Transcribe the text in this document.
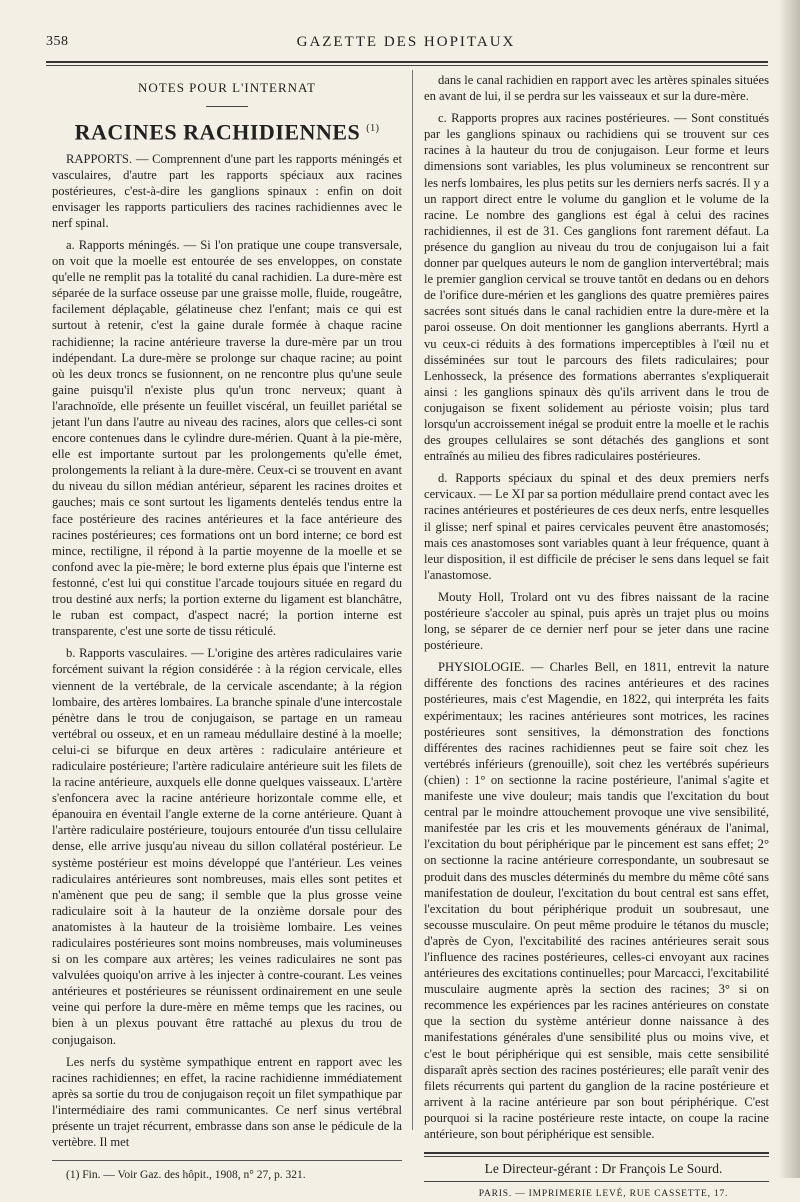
358	GAZETTE DES HOPITAUX
NOTES POUR L'INTERNAT
RACINES RACHIDIENNES $^{(1)}$

RAPPORTS. — Comprennent d'une part les rapports méningés et vasculaires, d'autre part les rapports spéciaux aux racines postérieures, c'est-à-dire les ganglions spinaux : enfin on doit envisager les rapports particuliers des racines rachidiennes avec le nerf spinal.

a. Rapports méningés. — Si l'on pratique une coupe transversale, on voit que la moelle est entourée de ses enveloppes, on constate qu'elle ne remplit pas la totalité du canal rachidien. La dure-mère est séparée de la surface osseuse par une graisse molle, fluide, rougeâtre, facilement déplaçable, gélatineuse chez l'enfant; mais ce qui est surtout à retenir, c'est la gaine durale formée à chaque racine rachidienne; la racine antérieure traverse la dure-mère par un trou indépendant. La dure-mère se prolonge sur chaque racine; au point où les deux troncs se fusionnent, on ne rencontre plus qu'une seule gaine puisqu'il n'existe plus qu'un tronc nerveux; quant à l'arachnoïde, elle présente un feuillet viscéral, un feuillet pariétal se jetant l'un dans l'autre au niveau des racines, alors que celles-ci sont encore contenues dans le cylindre dure-mérien. Quant à la pie-mère, elle est importante surtout par les prolongements qu'elle émet, prolongements la reliant à la dure-mère. Ceux-ci se trouvent en avant du niveau du sillon médian antérieur, séparent les racines droites et gauches; mais ce sont surtout les ligaments dentelés tendus entre la face postérieure des racines antérieures et la face antérieure des racines postérieures; ces formations ont un bord interne; ce bord est mince, rectiligne, il répond à la partie moyenne de la moelle et se confond avec la pie-mère; le bord externe plus épais que l'interne est festonné, c'est lui qui constitue l'arcade toujours située en regard du trou destiné aux nerfs; la portion externe du ligament est blanchâtre, le ruban est compact, d'aspect nacré; la portion interne est transparente, c'est une sorte de tissu réticulé.

b. Rapports vasculaires. — L'origine des artères radiculaires varie forcément suivant la région considérée : à la région cervicale, elles viennent de la vertébrale, de la cervicale ascendante; à la région lombaire, des artères lombaires. La branche spinale d'une intercostale pénètre dans le trou de conjugaison, se partage en un rameau vertébral ou osseux, et en un rameau médullaire destiné à la moelle; celui-ci se bifurque en deux artères : radiculaire antérieure et radiculaire postérieure; l'artère radiculaire antérieure suit les filets de la racine antérieure, auxquels elle donne quelques vaisseaux. L'artère s'enfoncera avec la racine antérieure horizontale comme elle, et épanouira en éventail l'angle externe de la corne antérieure. Quant à l'artère radiculaire postérieure, toujours entourée d'un tissu cellulaire dense, elle arrive jusqu'au niveau du sillon collatéral postérieur. Le système postérieur est moins développé que l'antérieur. Les veines radiculaires antérieures sont nombreuses, mais elles sont petites et n'amènent que peu de sang; il semble que la plus grosse veine radiculaire soit à la hauteur de la onzième dorsale pour des anatomistes à la hauteur de la troisième lombaire. Les veines radiculaires postérieures sont moins nombreuses, mais volumineuses si on les compare aux artères; les veines radiculaires ne sont pas valvulées quoiqu'on arrive à les injecter à contre-courant. Les veines antérieures et postérieures se réunissent ordinairement en une seule veine qui perfore la dure-mère en même temps que les racines, ou bien à un plexus pouvant être rattaché au plexus du trou de conjugaison.

Les nerfs du système sympathique entrent en rapport avec les racines rachidiennes; en effet, la racine rachidienne immédiatement après sa sortie du trou de conjugaison reçoit un filet sympathique par l'intermédiaire des rami communicantes. Ce nerf sinus vertébral présente un trajet récurrent, embrasse dans son anse le pédicule de la vertèbre. Il met

(1) Fin. — Voir Gaz. des hôpit., 1908, n° 27, p. 321.

dans le canal rachidien en rapport avec les artères spinales situées en avant de lui, il se perdra sur les vaisseaux et sur la dure-mère.

c. Rapports propres aux racines postérieures. — Sont constitués par les ganglions spinaux ou rachidiens qui se trouvent sur ces racines à la hauteur du trou de conjugaison. Leur forme et leurs dimensions sont variables, les plus volumineux se rencontrent sur les nerfs lombaires, les plus petits sur les derniers nerfs sacrés. Il y a un rapport direct entre le volume du ganglion et le volume de la racine. Le nombre des ganglions est égal à celui des racines rachidiennes, il est de 31. Ces ganglions font rarement défaut. La présence du ganglion au niveau du trou de conjugaison lui a fait donner par quelques auteurs le nom de ganglion intervertébral; mais le premier ganglion cervical se trouve tantôt en dedans ou en dehors de l'orifice dure-mérien et les ganglions des quatre premières paires sacrées sont situés dans le canal rachidien entre la dure-mère et la paroi osseuse. On doit mentionner les ganglions aberrants. Hyrtl a vu ceux-ci réduits à des formations imperceptibles à l'œil nu et disséminées sur tout le parcours des filets radiculaires; pour Lenhosseck, la présence des formations aberrantes s'expliquerait ainsi : les ganglions spinaux dès qu'ils arrivent dans le trou de conjugaison se fixent solidement au périoste voisin; plus tard lorsqu'un accroissement inégal se produit entre la moelle et le rachis des groupes cellulaires se sont détachés des ganglions et sont entraînés au milieu des fibres radiculaires postérieures.

d. Rapports spéciaux du spinal et des deux premiers nerfs cervicaux. — Le XI par sa portion médullaire prend contact avec les racines antérieures et postérieures de ces deux nerfs, entre lesquelles il glisse; nerf spinal et paires cervicales peuvent être anastomosés; mais ces anastomoses sont variables quant à leur fréquence, quant à leur disposition, il est difficile de préciser le sens dans lequel se fait l'anastomose.

Mouty Holl, Trolard ont vu des fibres naissant de la racine postérieure s'accoler au spinal, puis après un trajet plus ou moins long, se séparer de ce dernier nerf pour se jeter dans une racine postérieure.

PHYSIOLOGIE. — Charles Bell, en 1811, entrevit la nature différente des fonctions des racines antérieures et des racines postérieures, mais c'est Magendie, en 1822, qui interpréta les faits expérimentaux; les racines antérieures sont motrices, les racines postérieures sont sensitives, la démonstration des fonctions différentes des racines rachidiennes peut se faire soit chez les vertébrés inférieurs (grenouille), soit chez les vertébrés supérieurs (chien) : 1° on sectionne la racine postérieure, l'animal s'agite et manifeste une vive douleur; mais tandis que l'excitation du bout central par le moindre attouchement provoque une vive sensibilité, manifestée par les cris et les mouvements généraux de l'animal, l'excitation du bout périphérique par le pincement est sans effet; 2° on sectionne la racine antérieure correspondante, un soubresaut se produit dans des muscles déterminés du membre du même côté sans manifestation de douleur, l'excitation du bout central est sans effet, l'excitation du bout périphérique produit un soubresaut, une secousse musculaire. On peut même produire le tétanos du muscle; d'après de Cyon, l'excitabilité des racines antérieures serait sous l'influence des racines postérieures, celles-ci envoyant aux racines antérieures des excitations continuelles; pour Marcacci, l'excitabilité musculaire augmente après la section des racines; 3° si on recommence les expériences par les racines antérieures on constate que la section du système antérieur donne naissance à des manifestations générales d'une sensibilité plus ou moins vive, et c'est le bout périphérique qui est sensible, mais cette sensibilité disparaît après section des racines postérieures; elle paraît venir des filets récurrents qui partent du ganglion de la racine postérieure et arrivent à la racine antérieure par son bout périphérique. C'est pourquoi si la racine postérieure reste intacte, on coupe la racine antérieure, son bout périphérique est sensible.

Le Directeur-gérant : Dr François Le Sourd.

PARIS. — IMPRIMERIE LEVÉ, RUE CASSETTE, 17.
